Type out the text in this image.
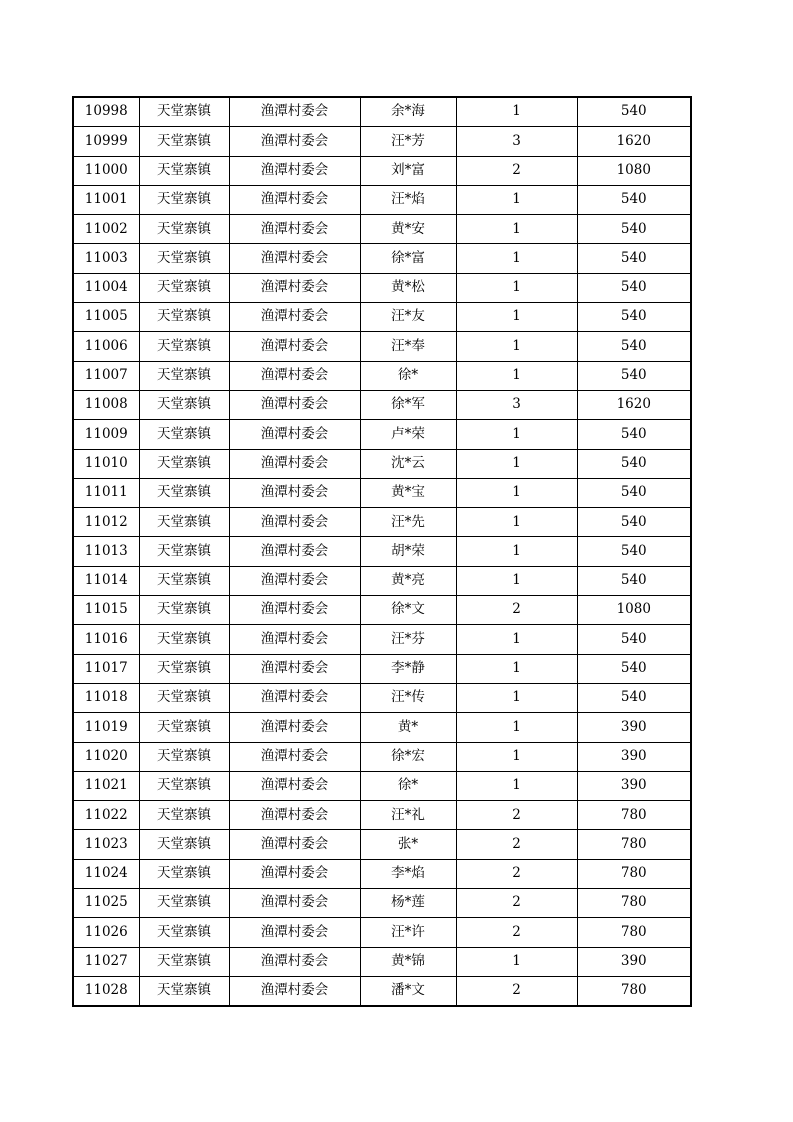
10998	天堂寨镇	渔潭村委会	余*海	1	540
10999	天堂寨镇	渔潭村委会	汪*芳	3	1620
11000	天堂寨镇	渔潭村委会	刘*富	2	1080
11001	天堂寨镇	渔潭村委会	汪*焰	1	540
11002	天堂寨镇	渔潭村委会	黄*安	1	540
11003	天堂寨镇	渔潭村委会	徐*富	1	540
11004	天堂寨镇	渔潭村委会	黄*松	1	540
11005	天堂寨镇	渔潭村委会	汪*友	1	540
11006	天堂寨镇	渔潭村委会	汪*奉	1	540
11007	天堂寨镇	渔潭村委会	徐*	1	540
11008	天堂寨镇	渔潭村委会	徐*军	3	1620
11009	天堂寨镇	渔潭村委会	卢*荣	1	540
11010	天堂寨镇	渔潭村委会	沈*云	1	540
11011	天堂寨镇	渔潭村委会	黄*宝	1	540
11012	天堂寨镇	渔潭村委会	汪*先	1	540
11013	天堂寨镇	渔潭村委会	胡*荣	1	540
11014	天堂寨镇	渔潭村委会	黄*亮	1	540
11015	天堂寨镇	渔潭村委会	徐*文	2	1080
11016	天堂寨镇	渔潭村委会	汪*芬	1	540
11017	天堂寨镇	渔潭村委会	李*静	1	540
11018	天堂寨镇	渔潭村委会	汪*传	1	540
11019	天堂寨镇	渔潭村委会	黄*	1	390
11020	天堂寨镇	渔潭村委会	徐*宏	1	390
11021	天堂寨镇	渔潭村委会	徐*	1	390
11022	天堂寨镇	渔潭村委会	汪*礼	2	780
11023	天堂寨镇	渔潭村委会	张*	2	780
11024	天堂寨镇	渔潭村委会	李*焰	2	780
11025	天堂寨镇	渔潭村委会	杨*莲	2	780
11026	天堂寨镇	渔潭村委会	汪*许	2	780
11027	天堂寨镇	渔潭村委会	黄*锦	1	390
11028	天堂寨镇	渔潭村委会	潘*文	2	780
